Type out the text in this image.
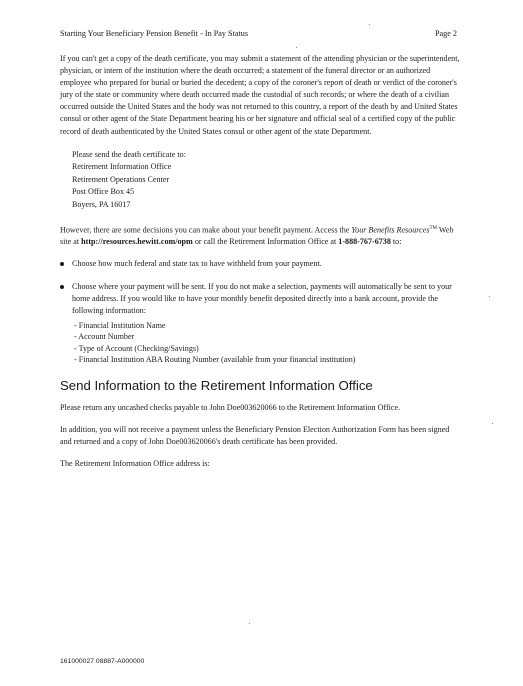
Starting Your Beneficiary Pension Benefit - In Pay Status	Page 2

If you can't get a copy of the death certificate, you may submit a statement of the attending physician or the superintendent, physician, or intern of the institution where the death occurred; a statement of the funeral director or an authorized employee who prepared for burial or buried the decedent; a copy of the coroner's report of death or verdict of the coroner's jury of the state or community where death occurred made the custodial of such records; or where the death of a civilian occurred outside the United States and the body was not returned to this country, a report of the death by and United States consul or other agent of the State Department bearing his or her signature and official seal of a certified copy of the public record of death authenticated by the United States consul or other agent of the state Department.

Please send the death certificate to:
Retirement Information Office
Retirement Operations Center
Post Office Box 45
Boyers, PA 16017

However, there are some decisions you can make about your benefit payment. Access the Your Benefits Resources™ Web site at http://resources.hewitt.com/opm or call the Retirement Information Office at 1-888-767-6738 to:

Choose how much federal and state tax to have withheld from your payment.
Choose where your payment will be sent. If you do not make a selection, payments will automatically be sent to your home address. If you would like to have your monthly benefit deposited directly into a bank account, provide the following information:
- Financial Institution Name
- Account Number
- Type of Account (Checking/Savings)
- Financial Institution ABA Routing Number (available from your financial institution)
Send Information to the Retirement Information Office

Please return any uncashed checks payable to John Doe003620066 to the Retirement Information Office.

In addition, you will not receive a payment unless the Beneficiary Pension Election Authorization Form has been signed and returned and a copy of John Doe003620066's death certificate has been provided.

The Retirement Information Office address is:

161000027 08887-A000000
